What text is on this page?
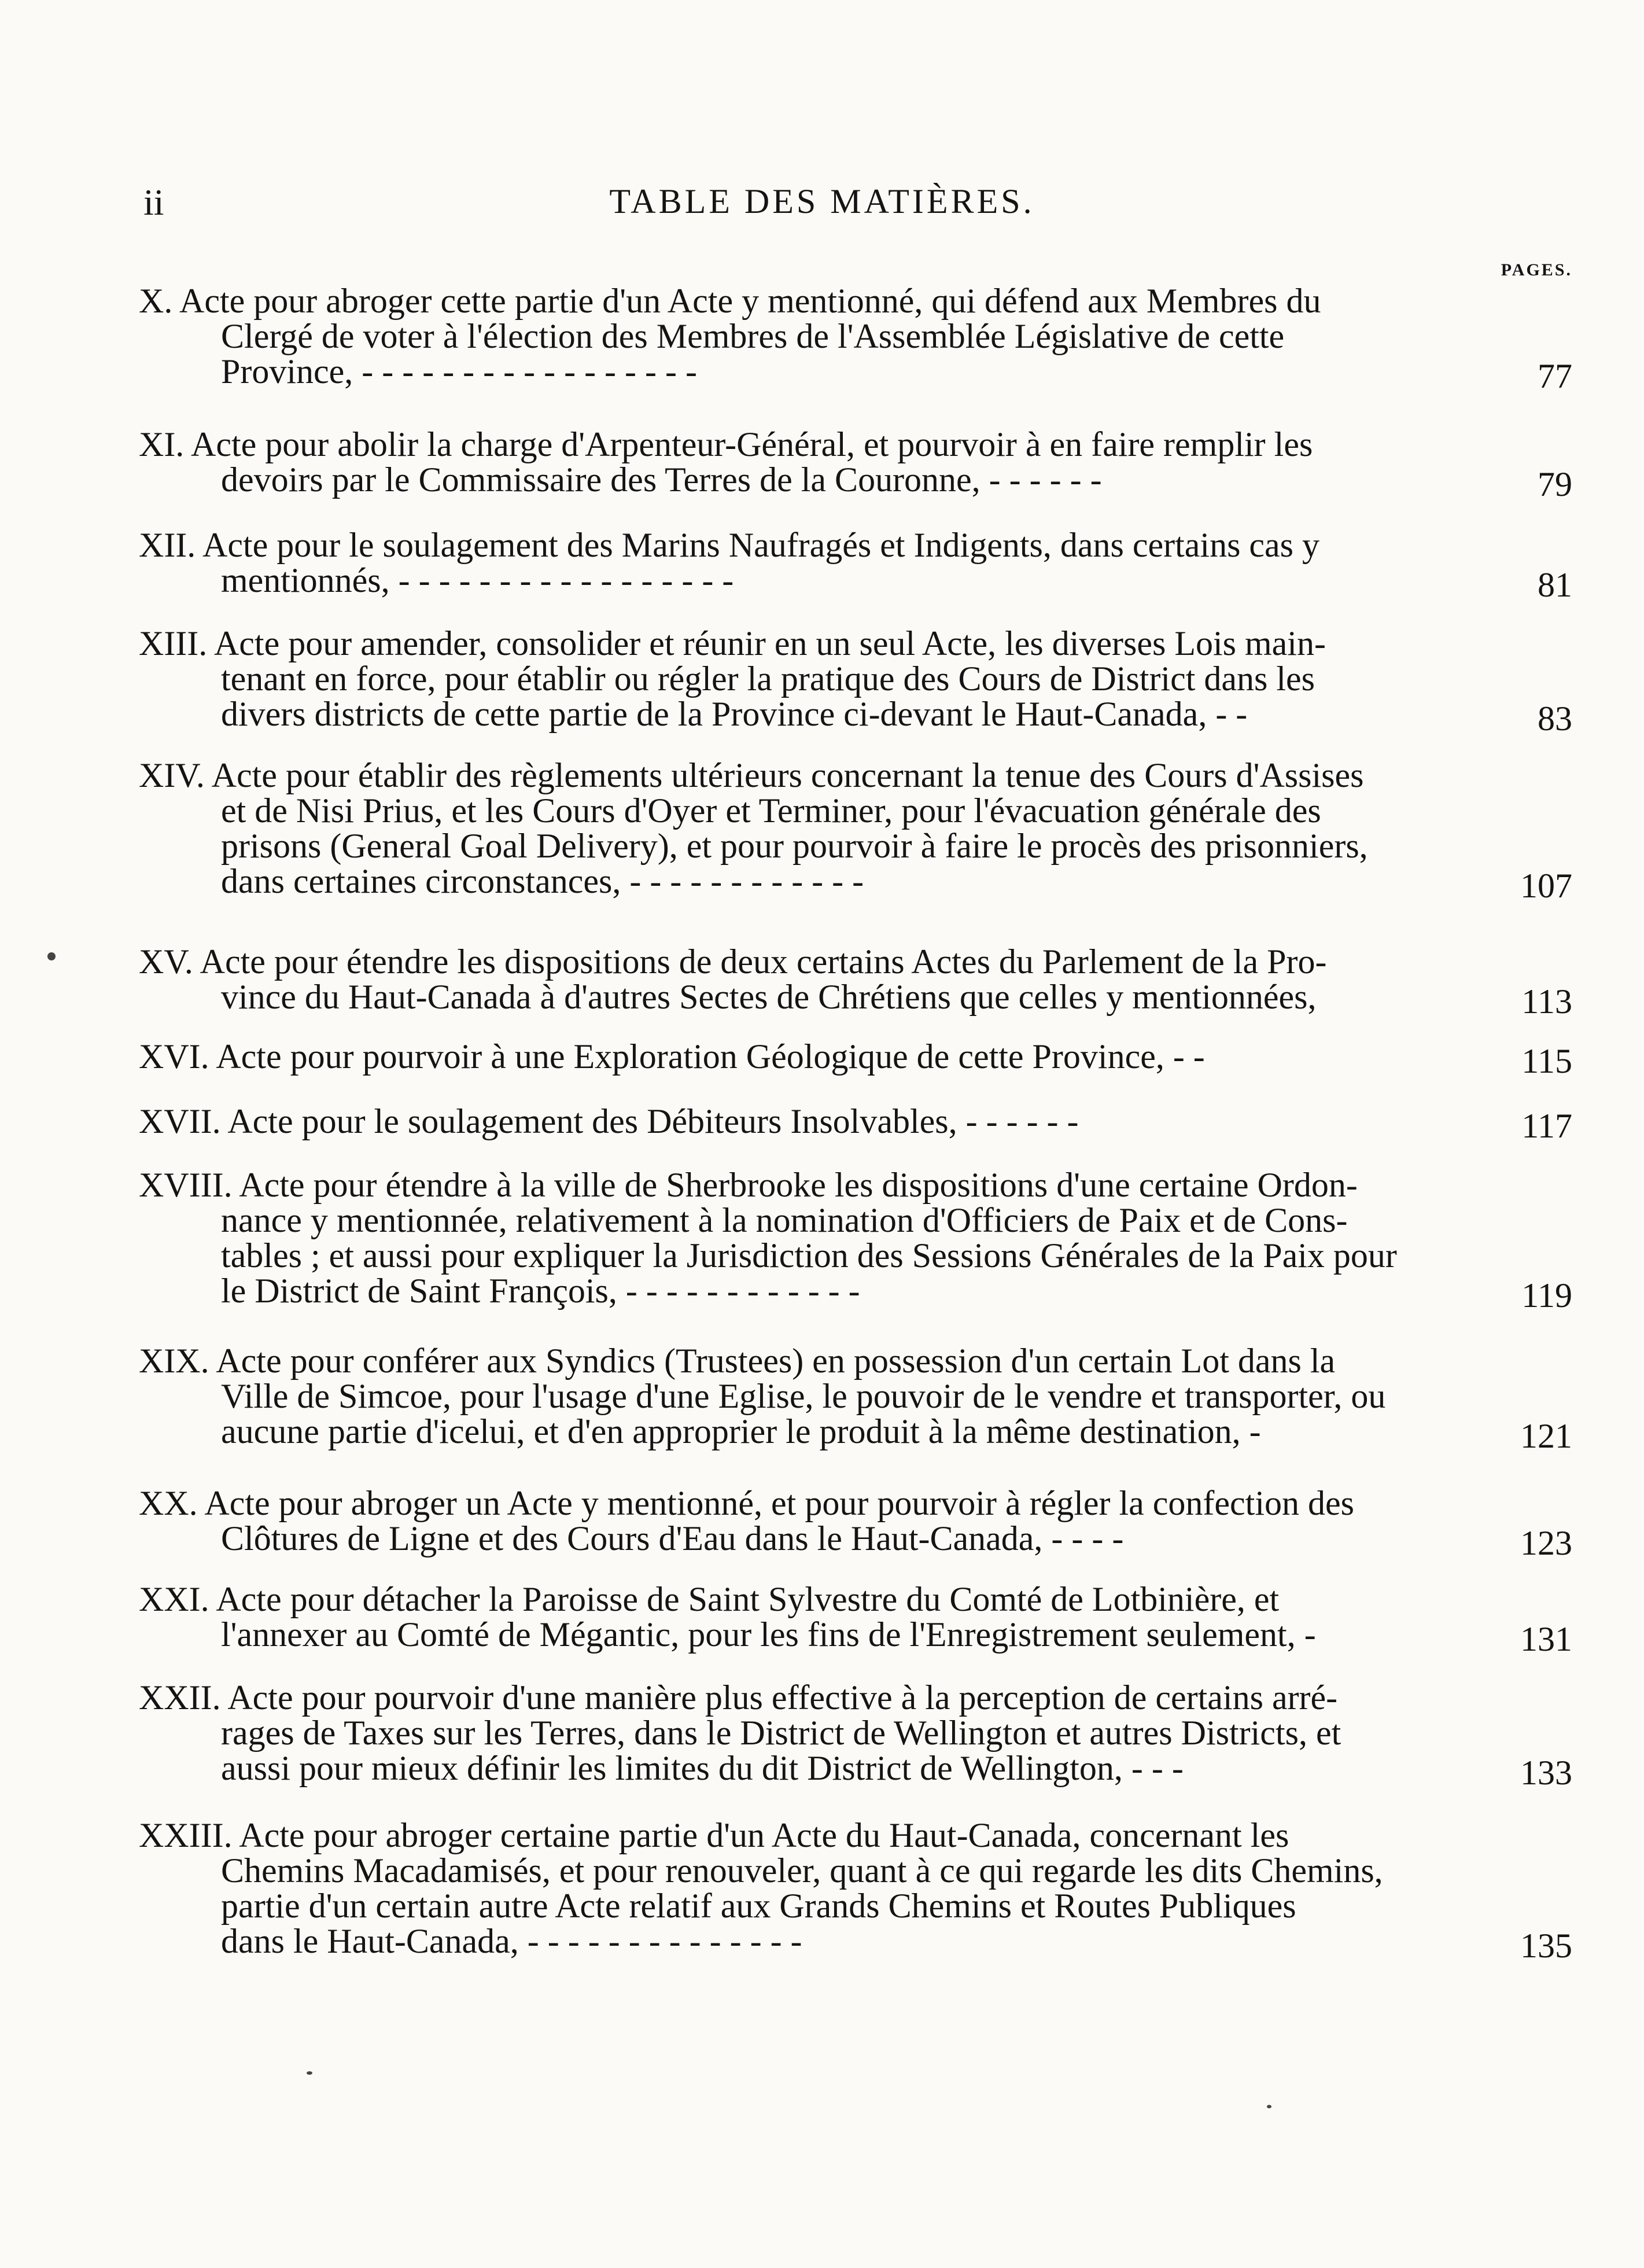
ii	TABLE DES MATIÈRES.
PAGES.
X. Acte pour abroger cette partie d'un Acte y mentionné, qui défend aux Membres du
Clergé de voter à l'élection des Membres de l'Assemblée Législative de cette
Province, - - - - - - - - - - - - - - - - -	77
XI. Acte pour abolir la charge d'Arpenteur-Général, et pourvoir à en faire remplir les
devoirs par le Commissaire des Terres de la Couronne, - - - - - -	79
XII. Acte pour le soulagement des Marins Naufragés et Indigents, dans certains cas y
mentionnés, - - - - - - - - - - - - - - - - -	81
XIII. Acte pour amender, consolider et réunir en un seul Acte, les diverses Lois main-
tenant en force, pour établir ou régler la pratique des Cours de District dans les
divers districts de cette partie de la Province ci-devant le Haut-Canada, - -	83
XIV. Acte pour établir des règlements ultérieurs concernant la tenue des Cours d'Assises
et de Nisi Prius, et les Cours d'Oyer et Terminer, pour l'évacuation générale des
prisons (General Goal Delivery), et pour pourvoir à faire le procès des prisonniers,
dans certaines circonstances, - - - - - - - - - - - -	107
XV. Acte pour étendre les dispositions de deux certains Actes du Parlement de la Pro-
vince du Haut-Canada à d'autres Sectes de Chrétiens que celles y mentionnées,	113
XVI. Acte pour pourvoir à une Exploration Géologique de cette Province, - -	115
XVII. Acte pour le soulagement des Débiteurs Insolvables, - - - - - -	117
XVIII. Acte pour étendre à la ville de Sherbrooke les dispositions d'une certaine Ordon-
nance y mentionnée, relativement à la nomination d'Officiers de Paix et de Cons-
tables ; et aussi pour expliquer la Jurisdiction des Sessions Générales de la Paix pour
le District de Saint François, - - - - - - - - - - - -	119
XIX. Acte pour conférer aux Syndics (Trustees) en possession d'un certain Lot dans la
Ville de Simcoe, pour l'usage d'une Eglise, le pouvoir de le vendre et transporter, ou
aucune partie d'icelui, et d'en approprier le produit à la même destination, -	121
XX. Acte pour abroger un Acte y mentionné, et pour pourvoir à régler la confection des
Clôtures de Ligne et des Cours d'Eau dans le Haut-Canada, - - - -	123
XXI. Acte pour détacher la Paroisse de Saint Sylvestre du Comté de Lotbinière, et
l'annexer au Comté de Mégantic, pour les fins de l'Enregistrement seulement, -	131
XXII. Acte pour pourvoir d'une manière plus effective à la perception de certains arré-
rages de Taxes sur les Terres, dans le District de Wellington et autres Districts, et
aussi pour mieux définir les limites du dit District de Wellington, - - -	133
XXIII. Acte pour abroger certaine partie d'un Acte du Haut-Canada, concernant les
Chemins Macadamisés, et pour renouveler, quant à ce qui regarde les dits Chemins,
partie d'un certain autre Acte relatif aux Grands Chemins et Routes Publiques
dans le Haut-Canada, - - - - - - - - - - - - - -	135
